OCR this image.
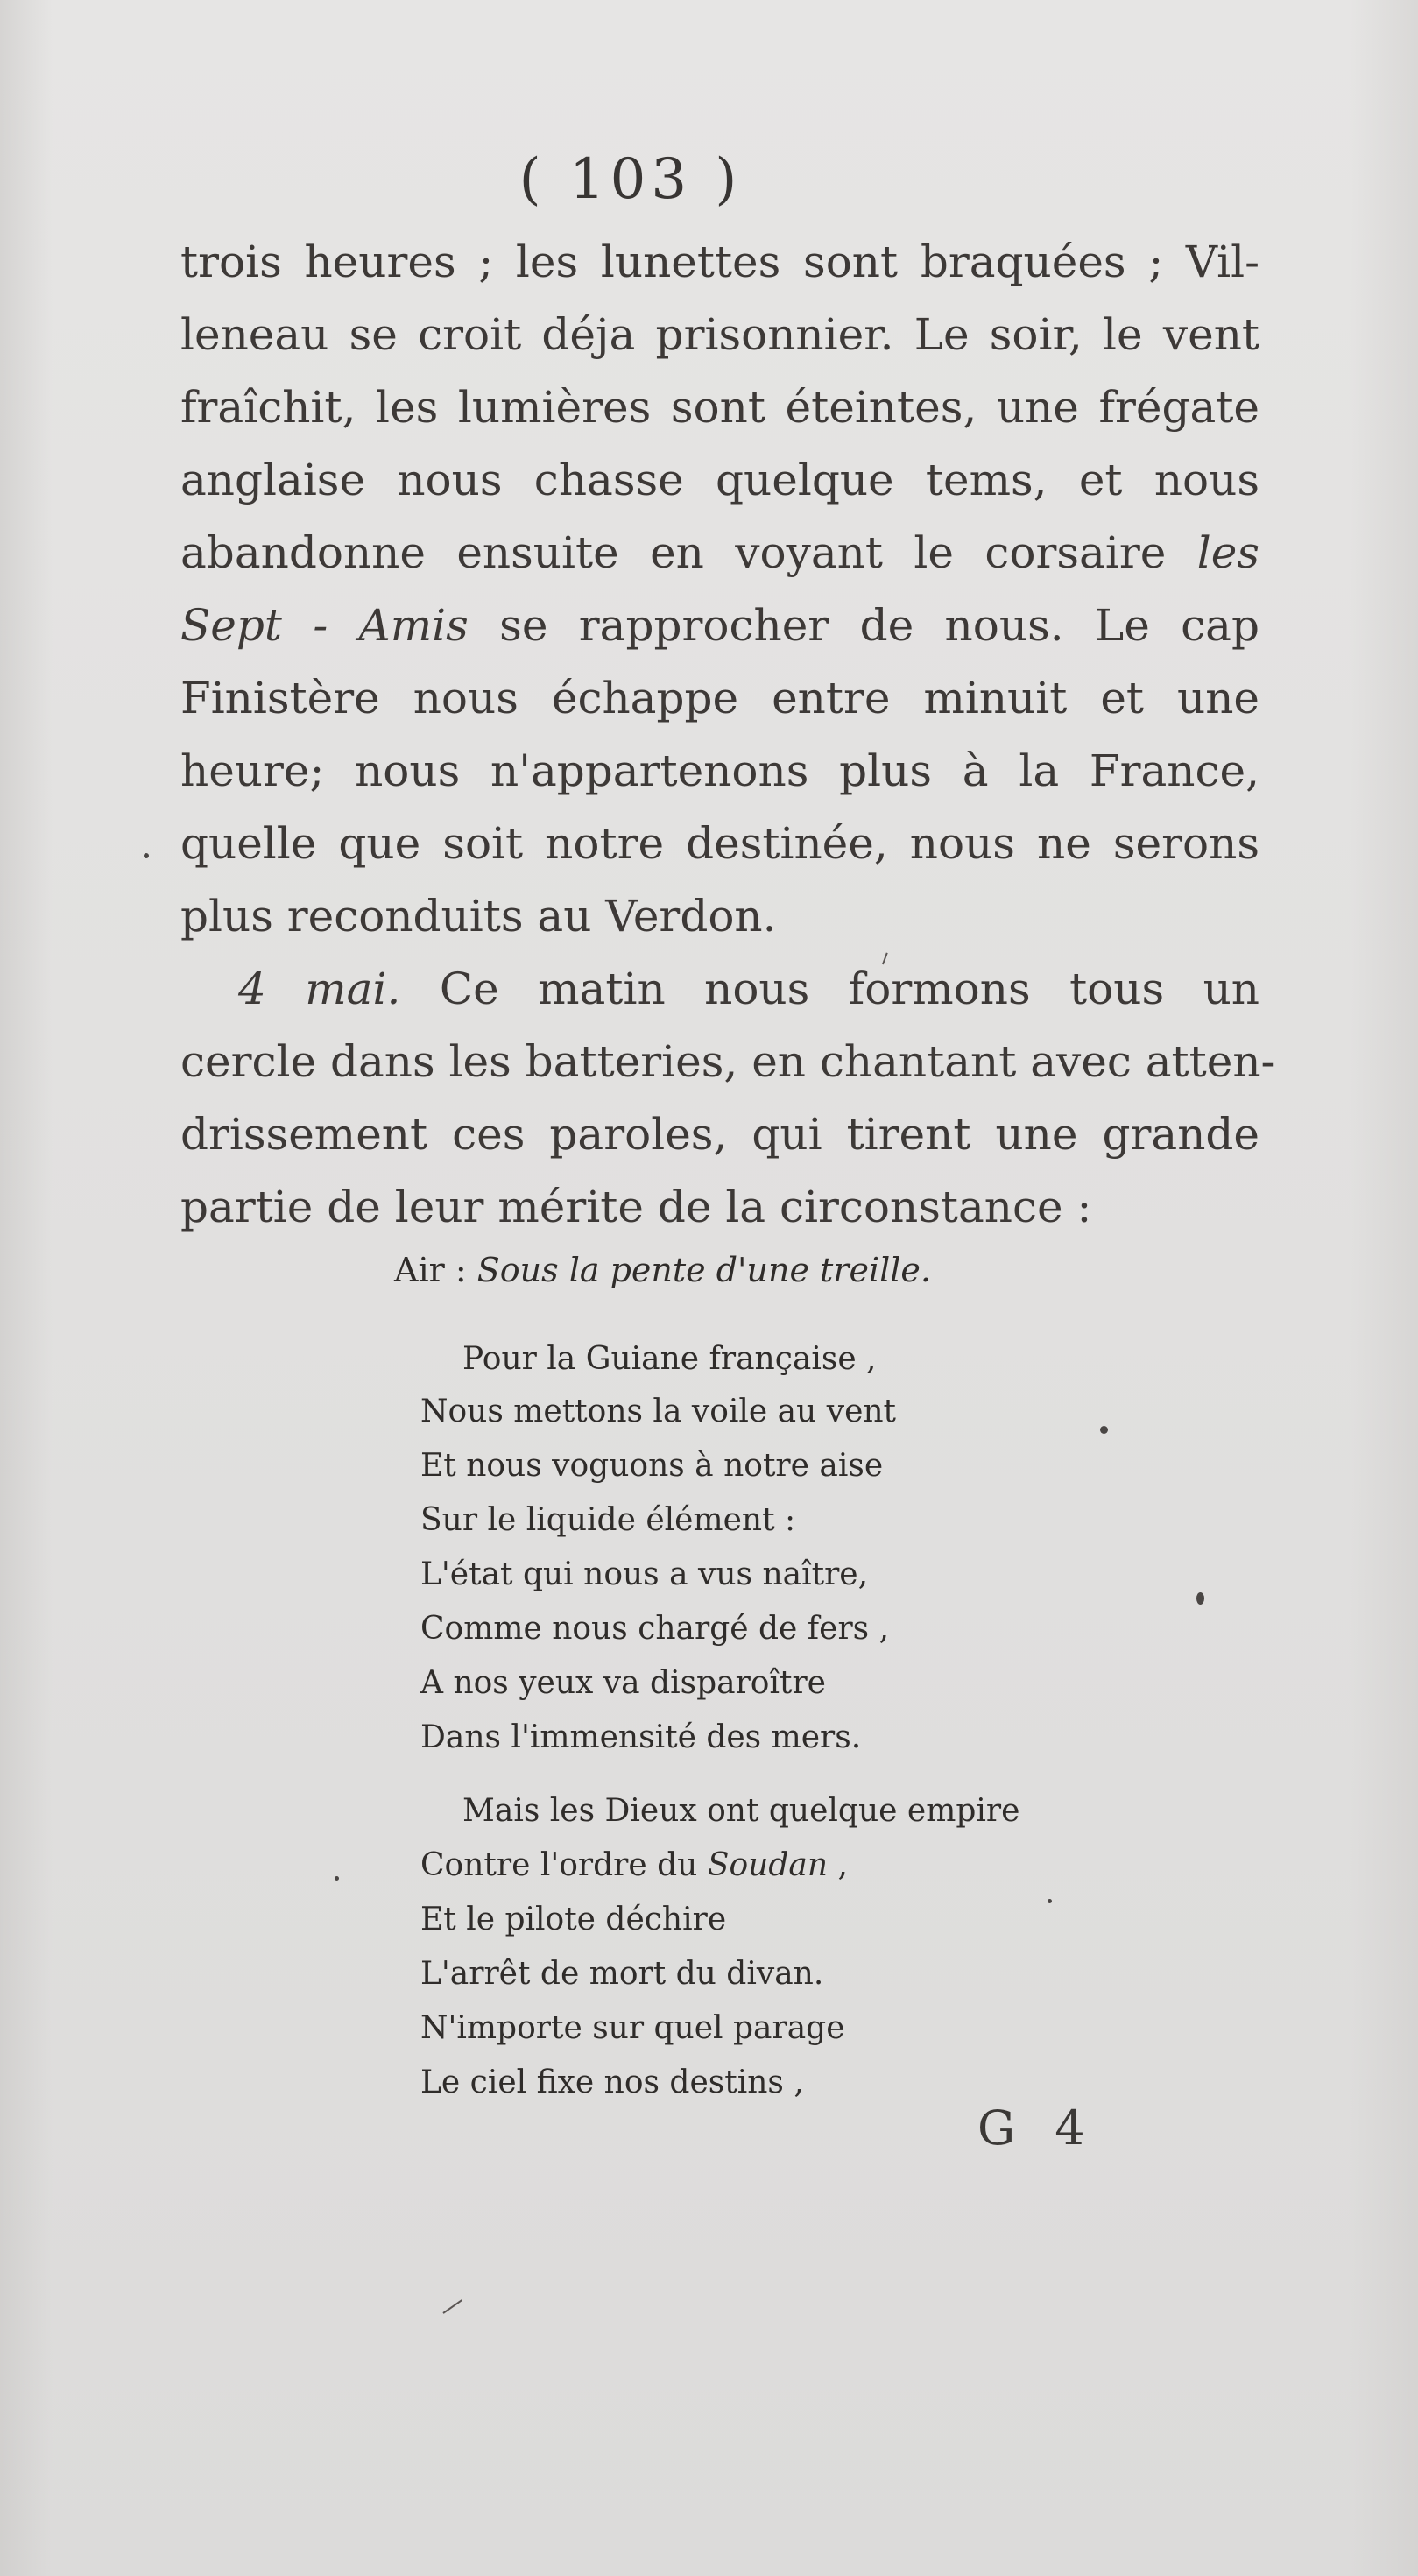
( 103 )
trois heures ; les lunettes sont braquées ; Vil-
leneau se croit déja prisonnier. Le soir, le vent
fraîchit, les lumières sont éteintes, une frégate
anglaise nous chasse quelque tems, et nous
abandonne ensuite en voyant le corsaire les
Sept - Amis se rapprocher de nous. Le cap
Finistère nous échappe entre minuit et une
heure; nous n'appartenons plus à la France,
quelle que soit notre destinée, nous ne serons
plus reconduits au Verdon.
4 mai. Ce matin nous formons tous un
cercle dans les batteries, en chantant avec atten-
drissement ces paroles, qui tirent une grande
partie de leur mérite de la circonstance :
Air : Sous la pente d'une treille.
Pour la Guiane française ,
Nous mettons la voile au vent
Et nous voguons à notre aise
Sur le liquide élément :
L'état qui nous a vus naître,
Comme nous chargé de fers ,
A nos yeux va disparoître
Dans l'immensité des mers.
Mais les Dieux ont quelque empire
Contre l'ordre du Soudan ,
Et le pilote déchire
L'arrêt de mort du divan.
N'importe sur quel parage
Le ciel fixe nos destins ,
G 4
